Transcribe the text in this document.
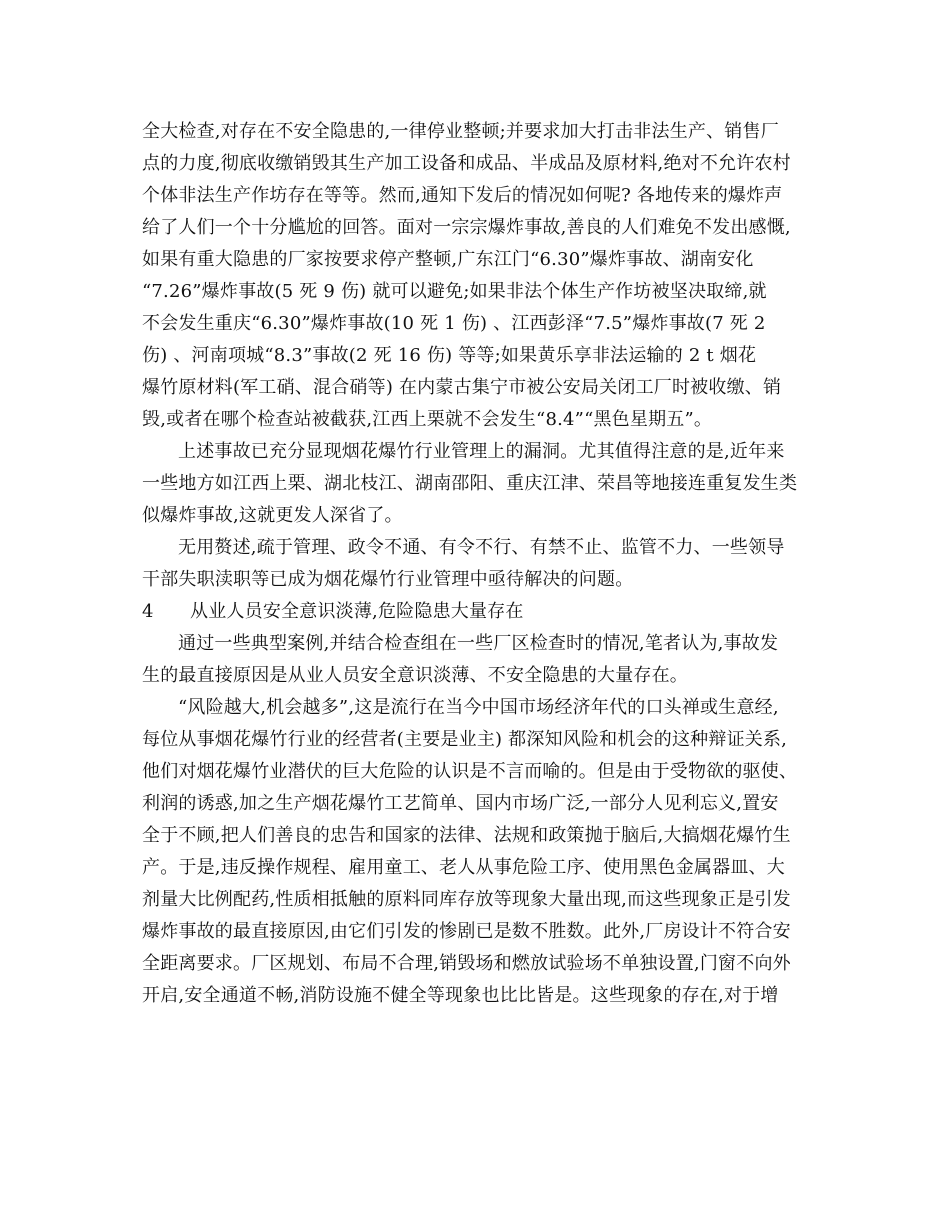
全大检查,对存在不安全隐患的,一律停业整顿;并要求加大打击非法生产、销售厂
点的力度,彻底收缴销毁其生产加工设备和成品、半成品及原材料,绝对不允许农村
个体非法生产作坊存在等等。然而,通知下发后的情况如何呢? 各地传来的爆炸声
给了人们一个十分尴尬的回答。面对一宗宗爆炸事故,善良的人们难免不发出感慨,
如果有重大隐患的厂家按要求停产整顿,广东江门“6.30”爆炸事故、湖南安化
“7.26”爆炸事故(5 死 9 伤) 就可以避免;如果非法个体生产作坊被坚决取缔,就
不会发生重庆“6.30”爆炸事故(10 死 1 伤) 、江西彭泽“7.5”爆炸事故(7 死 2
伤) 、河南项城“8.3”事故(2 死 16 伤) 等等;如果黄乐享非法运输的 2 t 烟花
爆竹原材料(军工硝、混合硝等) 在内蒙古集宁市被公安局关闭工厂时被收缴、销
毁,或者在哪个检查站被截获,江西上栗就不会发生“8.4”“黑色星期五”。
上述事故已充分显现烟花爆竹行业管理上的漏洞。尤其值得注意的是,近年来
一些地方如江西上栗、湖北枝江、湖南邵阳、重庆江津、荣昌等地接连重复发生类
似爆炸事故,这就更发人深省了。
无用赘述,疏于管理、政令不通、有令不行、有禁不止、监管不力、一些领导
干部失职渎职等已成为烟花爆竹行业管理中亟待解决的问题。
4　　从业人员安全意识淡薄,危险隐患大量存在
通过一些典型案例,并结合检查组在一些厂区检查时的情况,笔者认为,事故发
生的最直接原因是从业人员安全意识淡薄、不安全隐患的大量存在。
“风险越大,机会越多”,这是流行在当今中国市场经济年代的口头禅或生意经,
每位从事烟花爆竹行业的经营者(主要是业主) 都深知风险和机会的这种辩证关系,
他们对烟花爆竹业潜伏的巨大危险的认识是不言而喻的。但是由于受物欲的驱使、
利润的诱惑,加之生产烟花爆竹工艺简单、国内市场广泛,一部分人见利忘义,置安
全于不顾,把人们善良的忠告和国家的法律、法规和政策抛于脑后,大搞烟花爆竹生
产。于是,违反操作规程、雇用童工、老人从事危险工序、使用黑色金属器皿、大
剂量大比例配药,性质相抵触的原料同库存放等现象大量出现,而这些现象正是引发
爆炸事故的最直接原因,由它们引发的惨剧已是数不胜数。此外,厂房设计不符合安
全距离要求。厂区规划、布局不合理,销毁场和燃放试验场不单独设置,门窗不向外
开启,安全通道不畅,消防设施不健全等现象也比比皆是。这些现象的存在,对于增
